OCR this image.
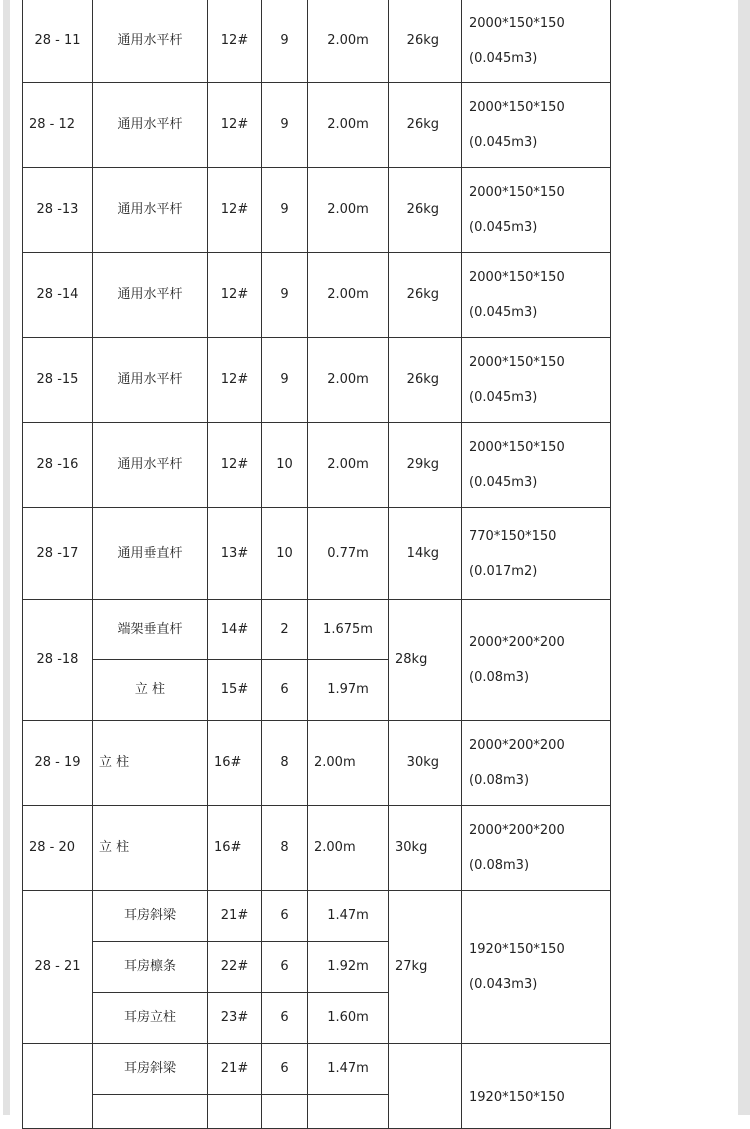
28 - 11	通用水平杆	12#	9	2.00m	26kg	2000*150*150
(0.045m3)

28 - 12	通用水平杆	12#	9	2.00m	26kg	2000*150*150
(0.045m3)

28 -13	通用水平杆	12#	9	2.00m	26kg	2000*150*150
(0.045m3)

28 -14	通用水平杆	12#	9	2.00m	26kg	2000*150*150
(0.045m3)

28 -15	通用水平杆	12#	9	2.00m	26kg	2000*150*150
(0.045m3)

28 -16	通用水平杆	12#	10	2.00m	29kg	2000*150*150
(0.045m3)

28 -17	通用垂直杆	13#	10	0.77m	14kg	770*150*150
(0.017m2)

28 -18	端架垂直杆	14#	2	1.675m	28kg	2000*200*200
(0.08m3)

	立 柱	15#	6	1.97m		
28 - 19	立 柱	16#	8	2.00m	30kg	2000*200*200
(0.08m3)

28 - 20	立 柱	16#	8	2.00m	30kg	2000*200*200
(0.08m3)

28 - 21	耳房斜梁	21#	6	1.47m	27kg	1920*150*150
(0.043m3)

	耳房檩条	22#	6	1.92m		
	耳房立柱	23#	6	1.60m		
	耳房斜梁	21#	6	1.47m		1920*150*150
